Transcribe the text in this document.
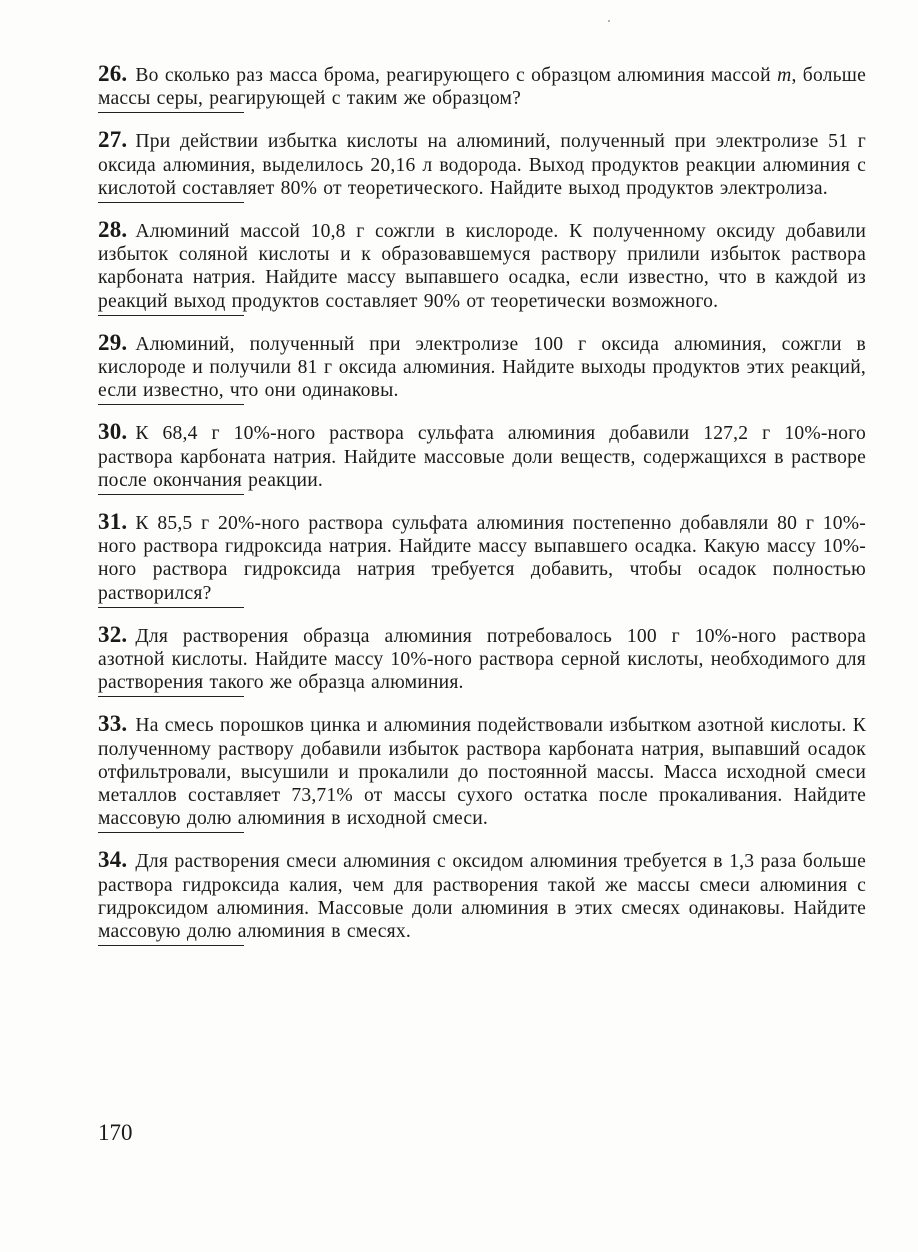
26. Во сколько раз масса брома, реагирующего с образцом алюминия массой m, больше массы серы, реагирующей с таким же образцом?

27. При действии избытка кислоты на алюминий, полученный при электролизе 51 г оксида алюминия, выделилось 20,16 л водорода. Выход продуктов реакции алюминия с кислотой составляет 80% от теоретического. Найдите выход продуктов электролиза.

28. Алюминий массой 10,8 г сожгли в кислороде. К полученному оксиду добавили избыток соляной кислоты и к образовавшемуся раствору прилили избыток раствора карбоната натрия. Найдите массу выпавшего осадка, если известно, что в каждой из реакций выход продуктов составляет 90% от теоретически возможного.

29. Алюминий, полученный при электролизе 100 г оксида алюминия, сожгли в кислороде и получили 81 г оксида алюминия. Найдите выходы продуктов этих реакций, если известно, что они одинаковы.

30. К 68,4 г 10%-ного раствора сульфата алюминия добавили 127,2 г 10%-ного раствора карбоната натрия. Найдите массовые доли веществ, содержащихся в растворе после окончания реакции.

31. К 85,5 г 20%-ного раствора сульфата алюминия постепенно добавляли 80 г 10%-ного раствора гидроксида натрия. Найдите массу выпавшего осадка. Какую массу 10%-ного раствора гидроксида натрия требуется добавить, чтобы осадок полностью растворился?

32. Для растворения образца алюминия потребовалось 100 г 10%-ного раствора азотной кислоты. Найдите массу 10%-ного раствора серной кислоты, необходимого для растворения такого же образца алюминия.

33. На смесь порошков цинка и алюминия подействовали избытком азотной кислоты. К полученному раствору добавили избыток раствора карбоната натрия, выпавший осадок отфильтровали, высушили и прокалили до постоянной массы. Масса исходной смеси металлов составляет 73,71% от массы сухого остатка после прокаливания. Найдите массовую долю алюминия в исходной смеси.

34. Для растворения смеси алюминия с оксидом алюминия требуется в 1,3 раза больше раствора гидроксида калия, чем для растворения такой же массы смеси алюминия с гидроксидом алюминия. Массовые доли алюминия в этих смесях одинаковы. Найдите массовую долю алюминия в смесях.

170
